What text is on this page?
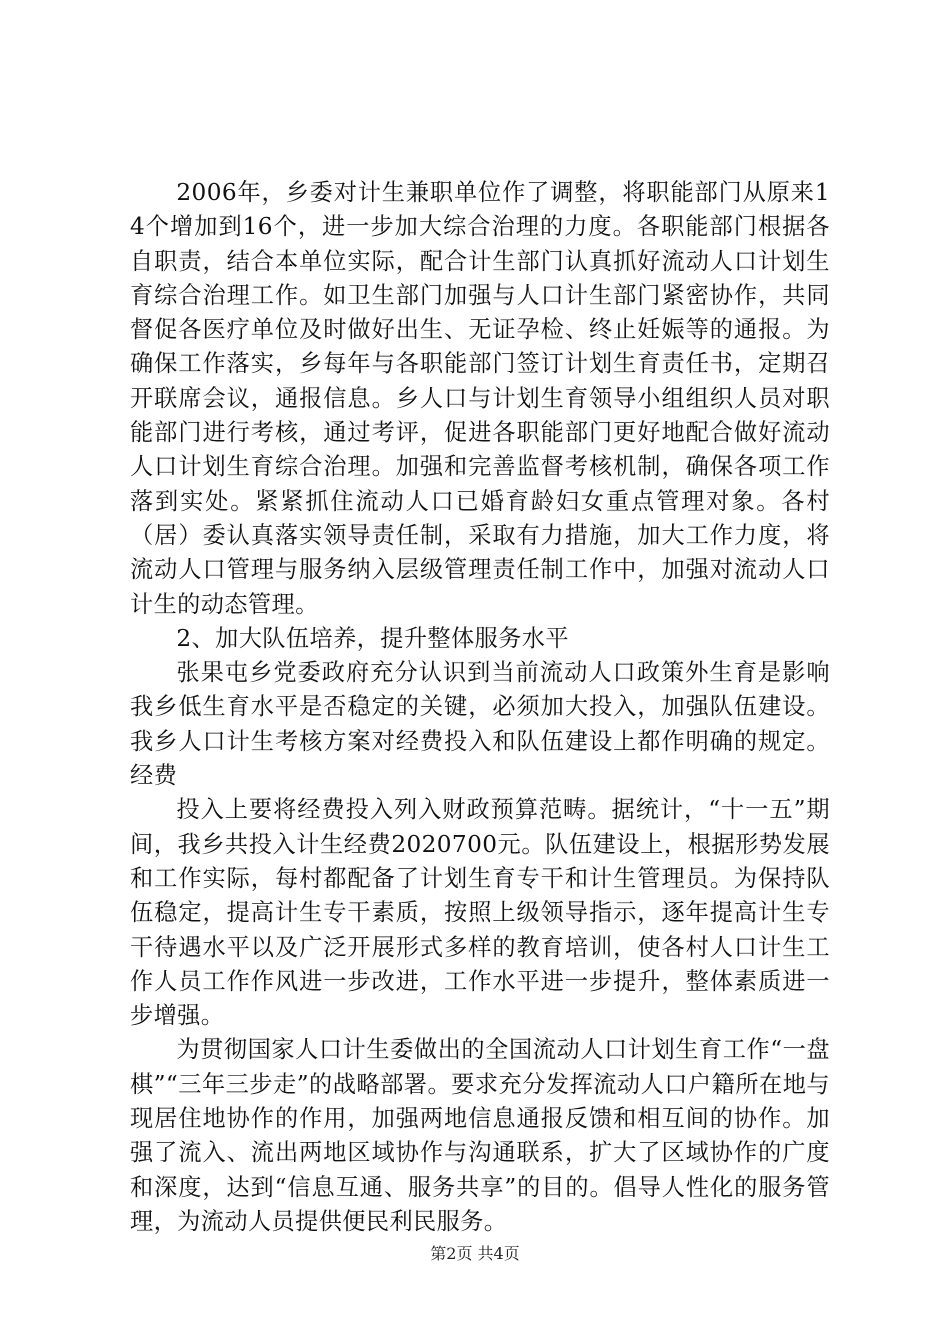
2006年，乡委对计生兼职单位作了调整，将职能部门从原来14个增加到16个，进一步加大综合治理的力度。各职能部门根据各自职责，结合本单位实际，配合计生部门认真抓好流动人口计划生育综合治理工作。如卫生部门加强与人口计生部门紧密协作，共同督促各医疗单位及时做好出生、无证孕检、终止妊娠等的通报。为确保工作落实，乡每年与各职能部门签订计划生育责任书，定期召开联席会议，通报信息。乡人口与计划生育领导小组组织人员对职能部门进行考核，通过考评，促进各职能部门更好地配合做好流动人口计划生育综合治理。加强和完善监督考核机制，确保各项工作落到实处。紧紧抓住流动人口已婚育龄妇女重点管理对象。各村（居）委认真落实领导责任制，采取有力措施，加大工作力度，将流动人口管理与服务纳入层级管理责任制工作中，加强对流动人口计生的动态管理。

2、加大队伍培养，提升整体服务水平

张果屯乡党委政府充分认识到当前流动人口政策外生育是影响我乡低生育水平是否稳定的关键，必须加大投入，加强队伍建设。我乡人口计生考核方案对经费投入和队伍建设上都作明确的规定。经费

投入上要将经费投入列入财政预算范畴。据统计，“十一五”期间，我乡共投入计生经费2020700元。队伍建设上，根据形势发展和工作实际，每村都配备了计划生育专干和计生管理员。为保持队伍稳定，提高计生专干素质，按照上级领导指示，逐年提高计生专干待遇水平以及广泛开展形式多样的教育培训，使各村人口计生工作人员工作作风进一步改进，工作水平进一步提升，整体素质进一步增强。

为贯彻国家人口计生委做出的全国流动人口计划生育工作“一盘棋”“三年三步走”的战略部署。要求充分发挥流动人口户籍所在地与现居住地协作的作用，加强两地信息通报反馈和相互间的协作。加强了流入、流出两地区域协作与沟通联系，扩大了区域协作的广度和深度，达到“信息互通、服务共享”的目的。倡导人性化的服务管理，为流动人员提供便民利民服务。

第2页 共4页
